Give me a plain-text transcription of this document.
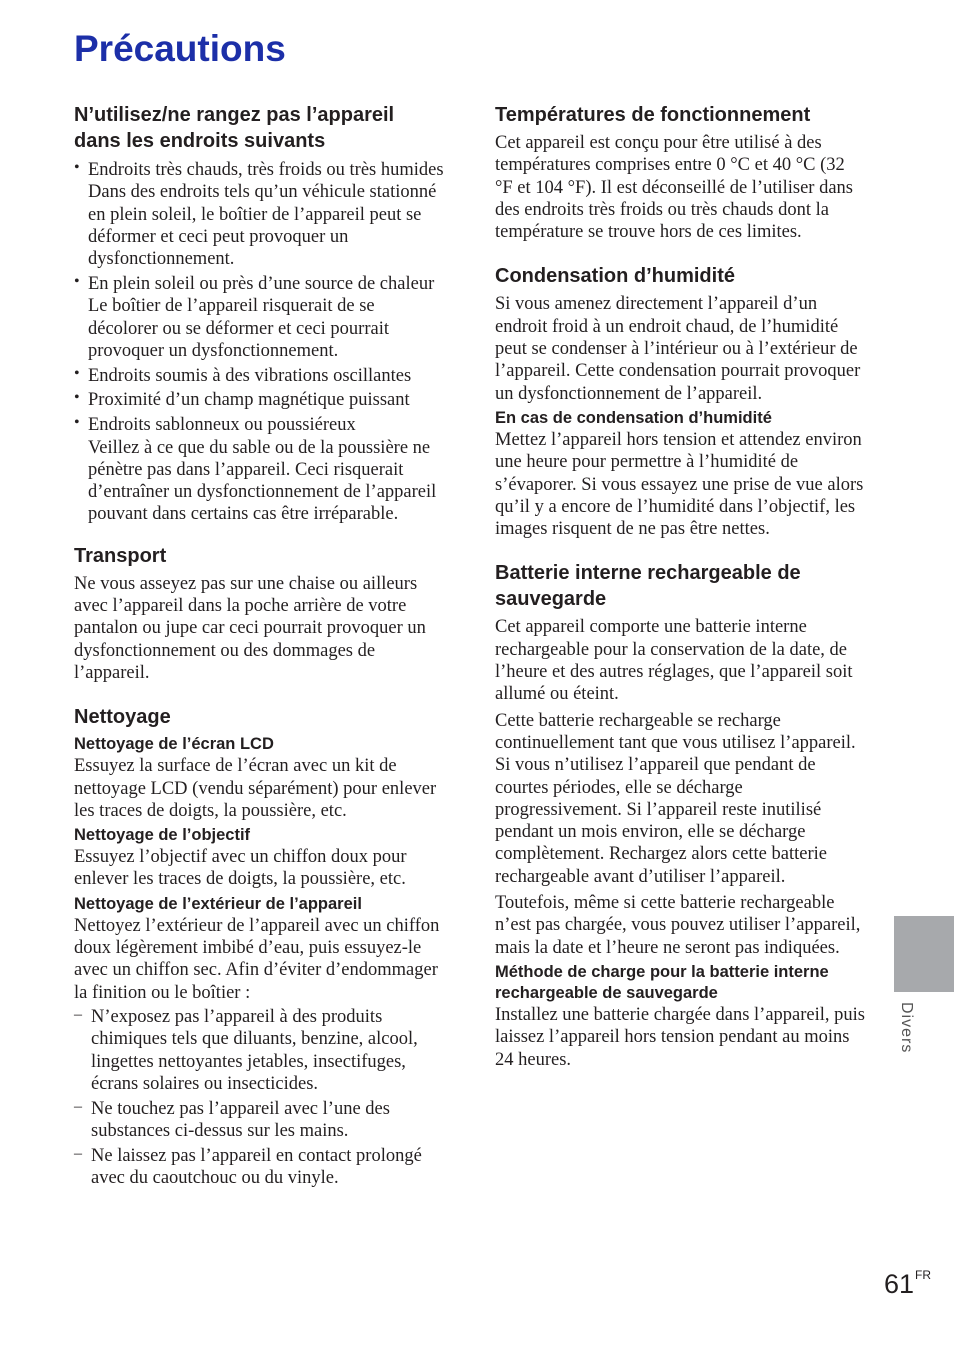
Précautions
N’utilisez/ne rangez pas l’appareil dans les endroits suivants
• Endroits très chauds, très froids ou très humides

Dans des endroits tels qu’un véhicule stationné en plein soleil, le boîtier de l’appareil peut se déformer et ceci peut provoquer un dysfonctionnement.

• En plein soleil ou près d’une source de chaleur

Le boîtier de l’appareil risquerait de se décolorer ou se déformer et ceci pourrait provoquer un dysfonctionnement.

• Endroits soumis à des vibrations oscillantes

• Proximité d’un champ magnétique puissant

• Endroits sablonneux ou poussiéreux

Veillez à ce que du sable ou de la poussière ne pénètre pas dans l’appareil. Ceci risquerait d’entraîner un dysfonctionnement de l’appareil pouvant dans certains cas être irréparable.

Transport

Ne vous asseyez pas sur une chaise ou ailleurs avec l’appareil dans la poche arrière de votre pantalon ou jupe car ceci pourrait provoquer un dysfonctionnement ou des dommages de l’appareil.

Nettoyage
Nettoyage de l’écran LCD

Essuyez la surface de l’écran avec un kit de nettoyage LCD (vendu séparément) pour enlever les traces de doigts, la poussière, etc.

Nettoyage de l’objectif

Essuyez l’objectif avec un chiffon doux pour enlever les traces de doigts, la poussière, etc.

Nettoyage de l’extérieur de l’appareil

Nettoyez l’extérieur de l’appareil avec un chiffon doux légèrement imbibé d’eau, puis essuyez-le avec un chiffon sec. Afin d’éviter d’endommager la finition ou le boîtier :

– N’exposez pas l’appareil à des produits chimiques tels que diluants, benzine, alcool, lingettes nettoyantes jetables, insectifuges, écrans solaires ou insecticides.

– Ne touchez pas l’appareil avec l’une des substances ci-dessus sur les mains.

– Ne laissez pas l’appareil en contact prolongé avec du caoutchouc ou du vinyle.

Températures de fonctionnement

Cet appareil est conçu pour être utilisé à des températures comprises entre 0 °C et 40 °C (32 °F et 104 °F). Il est déconseillé de l’utiliser dans des endroits très froids ou très chauds dont la température se trouve hors de ces limites.

Condensation d’humidité

Si vous amenez directement l’appareil d’un endroit froid à un endroit chaud, de l’humidité peut se condenser à l’intérieur ou à l’extérieur de l’appareil. Cette condensation pourrait provoquer un dysfonctionnement de l’appareil.

En cas de condensation d’humidité

Mettez l’appareil hors tension et attendez environ une heure pour permettre à l’humidité de s’évaporer. Si vous essayez une prise de vue alors qu’il y a encore de l’humidité dans l’objectif, les images risquent de ne pas être nettes.

Batterie interne rechargeable de sauvegarde

Cet appareil comporte une batterie interne rechargeable pour la conservation de la date, de l’heure et des autres réglages, que l’appareil soit allumé ou éteint.

Cette batterie rechargeable se recharge continuellement tant que vous utilisez l’appareil. Si vous n’utilisez l’appareil que pendant de courtes périodes, elle se décharge progressivement. Si l’appareil reste inutilisé pendant un mois environ, elle se décharge complètement. Rechargez alors cette batterie rechargeable avant d’utiliser l’appareil.

Toutefois, même si cette batterie rechargeable n’est pas chargée, vous pouvez utiliser l’appareil, mais la date et l’heure ne seront pas indiquées.

Méthode de charge pour la batterie interne rechargeable de sauvegarde

Installez une batterie chargée dans l’appareil, puis laissez l’appareil hors tension pendant au moins 24 heures.

Divers
$61^{FR}$
